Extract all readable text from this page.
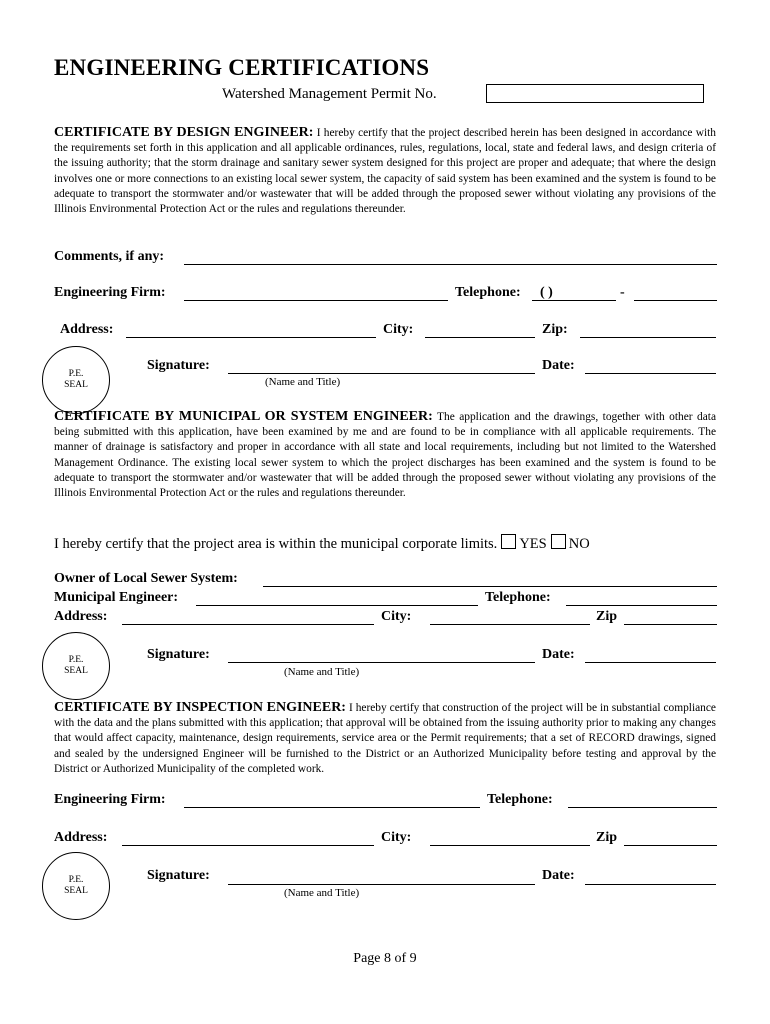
ENGINEERING CERTIFICATIONS
Watershed Management Permit No.
CERTIFICATE BY DESIGN ENGINEER: I hereby certify that the project described herein has been designed in accordance with the requirements set forth in this application and all applicable ordinances, rules, regulations, local, state and federal laws, and design criteria of the issuing authority; that the storm drainage and sanitary sewer system designed for this project are proper and adequate; that where the design involves one or more connections to an existing local sewer system, the capacity of said system has been examined and the system is found to be adequate to transport the stormwater and/or wastewater that will be added through the proposed sewer without violating any provisions of the Illinois Environmental Protection Act or the rules and regulations thereunder.
Comments, if any:
Engineering Firm:	Telephone: ( )	-
Address:	City:	Zip:
P.E.
SEAL
Signature:
(Name and Title)
Date:
CERTIFICATE BY MUNICIPAL OR SYSTEM ENGINEER: The application and the drawings, together with other data being submitted with this application, have been examined by me and are found to be in compliance with all applicable requirements. The manner of drainage is satisfactory and proper in accordance with all state and local requirements, including but not limited to the Watershed Management Ordinance. The existing local sewer system to which the project discharges has been examined and the system is found to be adequate to transport the stormwater and/or wastewater that will be added through the proposed sewer without violating any provisions of the Illinois Environmental Protection Act or the rules and regulations thereunder.
I hereby certify that the project area is within the municipal corporate limits. YES NO
Owner of Local Sewer System:
Municipal Engineer:	Telephone:
Address:	City:	Zip
P.E.
SEAL
Signature:
(Name and Title)
Date:
CERTIFICATE BY INSPECTION ENGINEER: I hereby certify that construction of the project will be in substantial compliance with the data and the plans submitted with this application; that approval will be obtained from the issuing authority prior to making any changes that would affect capacity, maintenance, design requirements, service area or the Permit requirements; that a set of RECORD drawings, signed and sealed by the undersigned Engineer will be furnished to the District or an Authorized Municipality before testing and approval by the District or Authorized Municipality of the completed work.
Engineering Firm:	Telephone:
Address:	City:	Zip
P.E.
SEAL
Signature:
(Name and Title)
Date:
Page 8 of 9
